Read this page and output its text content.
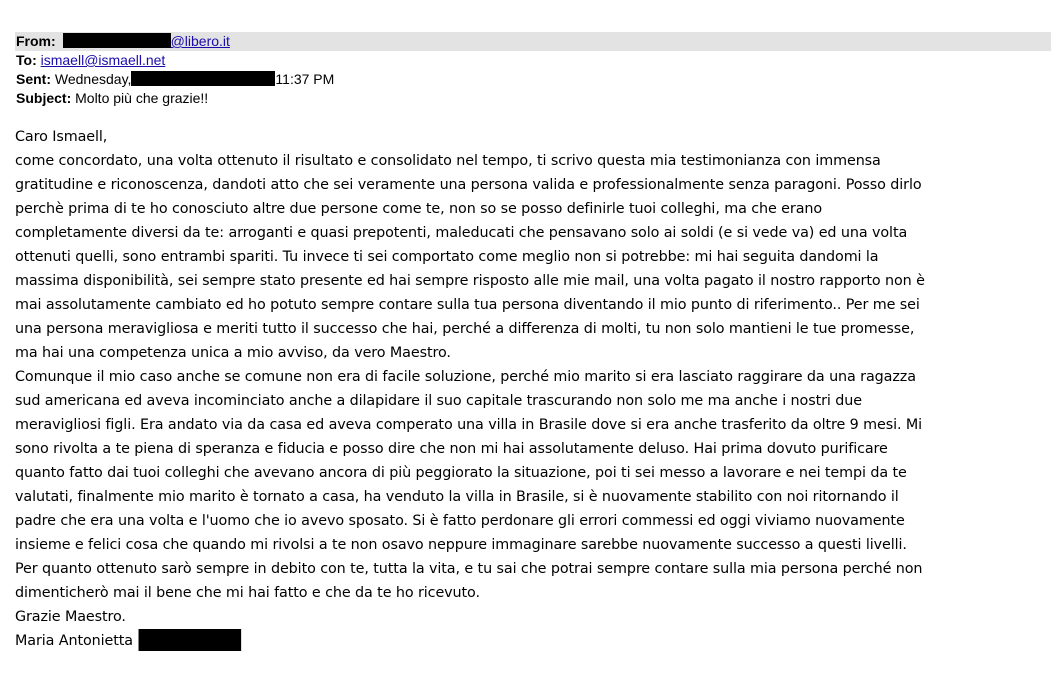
From:	@libero.it
To: ismaell@ismaell.net
Sent: Wednesday,	11:37 PM
Subject: Molto più che grazie!!
Caro Ismaell,
come concordato, una volta ottenuto il risultato e consolidato nel tempo, ti scrivo questa mia testimonianza con immensa
gratitudine e riconoscenza, dandoti atto che sei veramente una persona valida e professionalmente senza paragoni. Posso dirlo
perchè prima di te ho conosciuto altre due persone come te, non so se posso definirle tuoi colleghi, ma che erano
completamente diversi da te: arroganti e quasi prepotenti, maleducati che pensavano solo ai soldi (e si vede va) ed una volta
ottenuti quelli, sono entrambi spariti. Tu invece ti sei comportato come meglio non si potrebbe: mi hai seguita dandomi la
massima disponibilità, sei sempre stato presente ed hai sempre risposto alle mie mail, una volta pagato il nostro rapporto non è
mai assolutamente cambiato ed ho potuto sempre contare sulla tua persona diventando il mio punto di riferimento.. Per me sei
una persona meravigliosa e meriti tutto il successo che hai, perché a differenza di molti, tu non solo mantieni le tue promesse,
ma hai una competenza unica a mio avviso, da vero Maestro.
Comunque il mio caso anche se comune non era di facile soluzione, perché mio marito si era lasciato raggirare da una ragazza
sud americana ed aveva incominciato anche a dilapidare il suo capitale trascurando non solo me ma anche i nostri due
meravigliosi figli. Era andato via da casa ed aveva comperato una villa in Brasile dove si era anche trasferito da oltre 9 mesi. Mi
sono rivolta a te piena di speranza e fiducia e posso dire che non mi hai assolutamente deluso. Hai prima dovuto purificare
quanto fatto dai tuoi colleghi che avevano ancora di più peggiorato la situazione, poi ti sei messo a lavorare e nei tempi da te
valutati, finalmente mio marito è tornato a casa, ha venduto la villa in Brasile, si è nuovamente stabilito con noi ritornando il
padre che era una volta e l'uomo che io avevo sposato. Si è fatto perdonare gli errori commessi ed oggi viviamo nuovamente
insieme e felici cosa che quando mi rivolsi a te non osavo neppure immaginare sarebbe nuovamente successo a questi livelli.
Per quanto ottenuto sarò sempre in debito con te, tutta la vita, e tu sai che potrai sempre contare sulla mia persona perché non
dimenticherò mai il bene che mi hai fatto e che da te ho ricevuto.
Grazie Maestro.
Maria Antonietta
